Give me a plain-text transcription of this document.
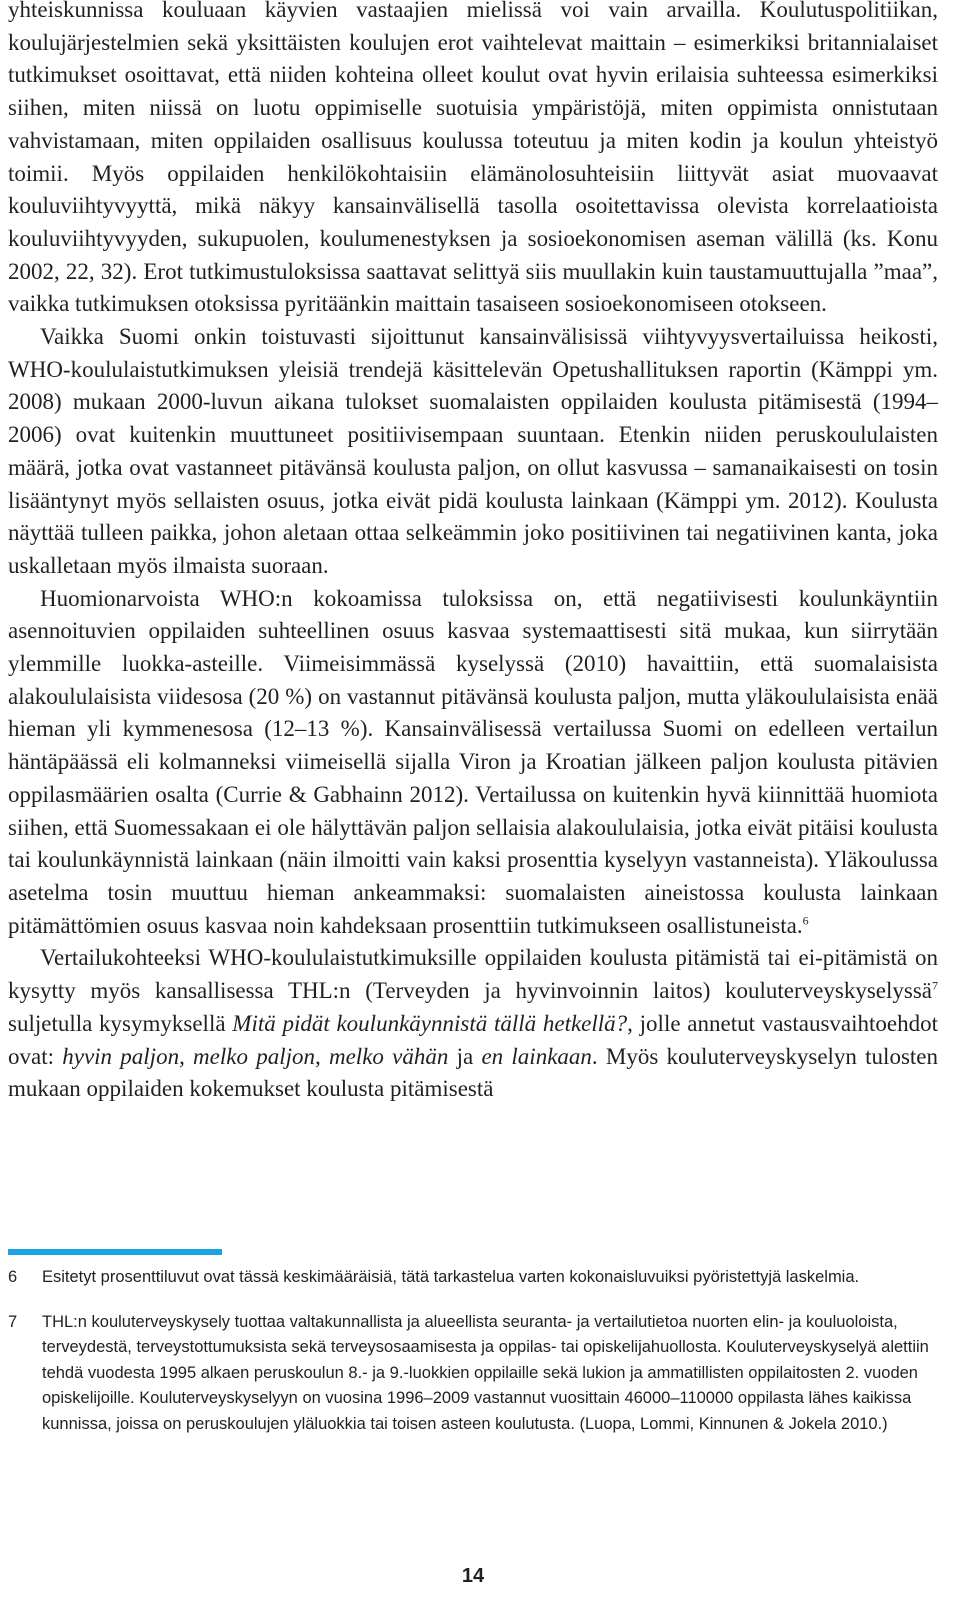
yhteiskunnissa kouluaan käyvien vastaajien mielissä voi vain arvailla. Koulutuspolitiikan, koulujärjestelmien sekä yksittäisten koulujen erot vaihtelevat maittain – esimerkiksi britannialaiset tutkimukset osoittavat, että niiden kohteina olleet koulut ovat hyvin erilaisia suhteessa esimerkiksi siihen, miten niissä on luotu oppimiselle suotuisia ympäristöjä, miten oppimista onnistutaan vahvistamaan, miten oppilaiden osallisuus koulussa toteutuu ja miten kodin ja koulun yhteistyö toimii. Myös oppilaiden henkilökohtaisiin elämänolosuhteisiin liittyvät asiat muovaavat kouluviihtyvyyttä, mikä näkyy kansainvälisellä tasolla osoitettavissa olevista korrelaatioista kouluviihtyvyyden, sukupuolen, koulumenestyksen ja sosioekonomisen aseman välillä (ks. Konu 2002, 22, 32). Erot tutkimustuloksissa saattavat selittyä siis muullakin kuin taustamuuttujalla ”maa”, vaikka tutkimuksen otoksissa pyritäänkin maittain tasaiseen sosioekonomiseen otokseen.

Vaikka Suomi onkin toistuvasti sijoittunut kansainvälisissä viihtyvyysvertailuissa heikosti, WHO-koululaistutkimuksen yleisiä trendejä käsittelevän Opetushallituksen raportin (Kämppi ym. 2008) mukaan 2000-luvun aikana tulokset suomalaisten oppilaiden koulusta pitämisestä (1994–2006) ovat kuitenkin muuttuneet positiivisempaan suuntaan. Etenkin niiden peruskoululaisten määrä, jotka ovat vastanneet pitävänsä koulusta paljon, on ollut kasvussa – samanaikaisesti on tosin lisääntynyt myös sellaisten osuus, jotka eivät pidä koulusta lainkaan (Kämppi ym. 2012). Koulusta näyttää tulleen paikka, johon aletaan ottaa selkeämmin joko positiivinen tai negatiivinen kanta, joka uskalletaan myös ilmaista suoraan.

Huomionarvoista WHO:n kokoamissa tuloksissa on, että negatiivisesti koulunkäyntiin asennoituvien oppilaiden suhteellinen osuus kasvaa systemaattisesti sitä mukaa, kun siirrytään ylemmille luokka-asteille. Viimeisimmässä kyselyssä (2010) havaittiin, että suomalaisista alakoululaisista viidesosa (20 %) on vastannut pitävänsä koulusta paljon, mutta yläkoululaisista enää hieman yli kymmenesosa (12–13 %). Kansainvälisessä vertailussa Suomi on edelleen vertailun häntäpäässä eli kolmanneksi viimeisellä sijalla Viron ja Kroatian jälkeen paljon koulusta pitävien oppilasmäärien osalta (Currie & Gabhainn 2012). Vertailussa on kuitenkin hyvä kiinnittää huomiota siihen, että Suomessakaan ei ole hälyttävän paljon sellaisia alakoululaisia, jotka eivät pitäisi koulusta tai koulunkäynnistä lainkaan (näin ilmoitti vain kaksi prosenttia kyselyyn vastanneista). Yläkoulussa asetelma tosin muuttuu hieman ankeammaksi: suomalaisten aineistossa koulusta lainkaan pitämättömien osuus kasvaa noin kahdeksaan prosenttiin tutkimukseen osallistuneista.$^6$

Vertailukohteeksi WHO-koululaistutkimuksille oppilaiden koulusta pitämistä tai ei-pitämistä on kysytty myös kansallisessa THL:n (Terveyden ja hyvinvoinnin laitos) kouluterveyskyselyssä$^7$ suljetulla kysymyksellä Mitä pidät koulunkäynnistä tällä hetkellä?, jolle annetut vastausvaihtoehdot ovat: hyvin paljon, melko paljon, melko vähän ja en lainkaan. Myös kouluterveyskyselyn tulosten mukaan oppilaiden kokemukset koulusta pitämisestä

6	Esitetyt prosenttiluvut ovat tässä keskimääräisiä, tätä tarkastelua varten kokonaisluvuiksi pyöristettyjä laskelmia.
7	THL:n kouluterveyskysely tuottaa valtakunnallista ja alueellista seuranta- ja vertailutietoa nuorten elin- ja kouluoloista, terveydestä, terveystottumuksista sekä terveysosaamisesta ja oppilas- tai opiskelijahuollosta. Kouluterveyskyselyä alettiin tehdä vuodesta 1995 alkaen peruskoulun 8.- ja 9.-luokkien oppilaille sekä lukion ja ammatillisten oppilaitosten 2. vuoden opiskelijoille. Kouluterveyskyselyyn on vuosina 1996–2009 vastannut vuosittain 46000–110000 oppilasta lähes kaikissa kunnissa, joissa on peruskoulujen yläluokkia tai toisen asteen koulutusta. (Luopa, Lommi, Kinnunen & Jokela 2010.)
14
